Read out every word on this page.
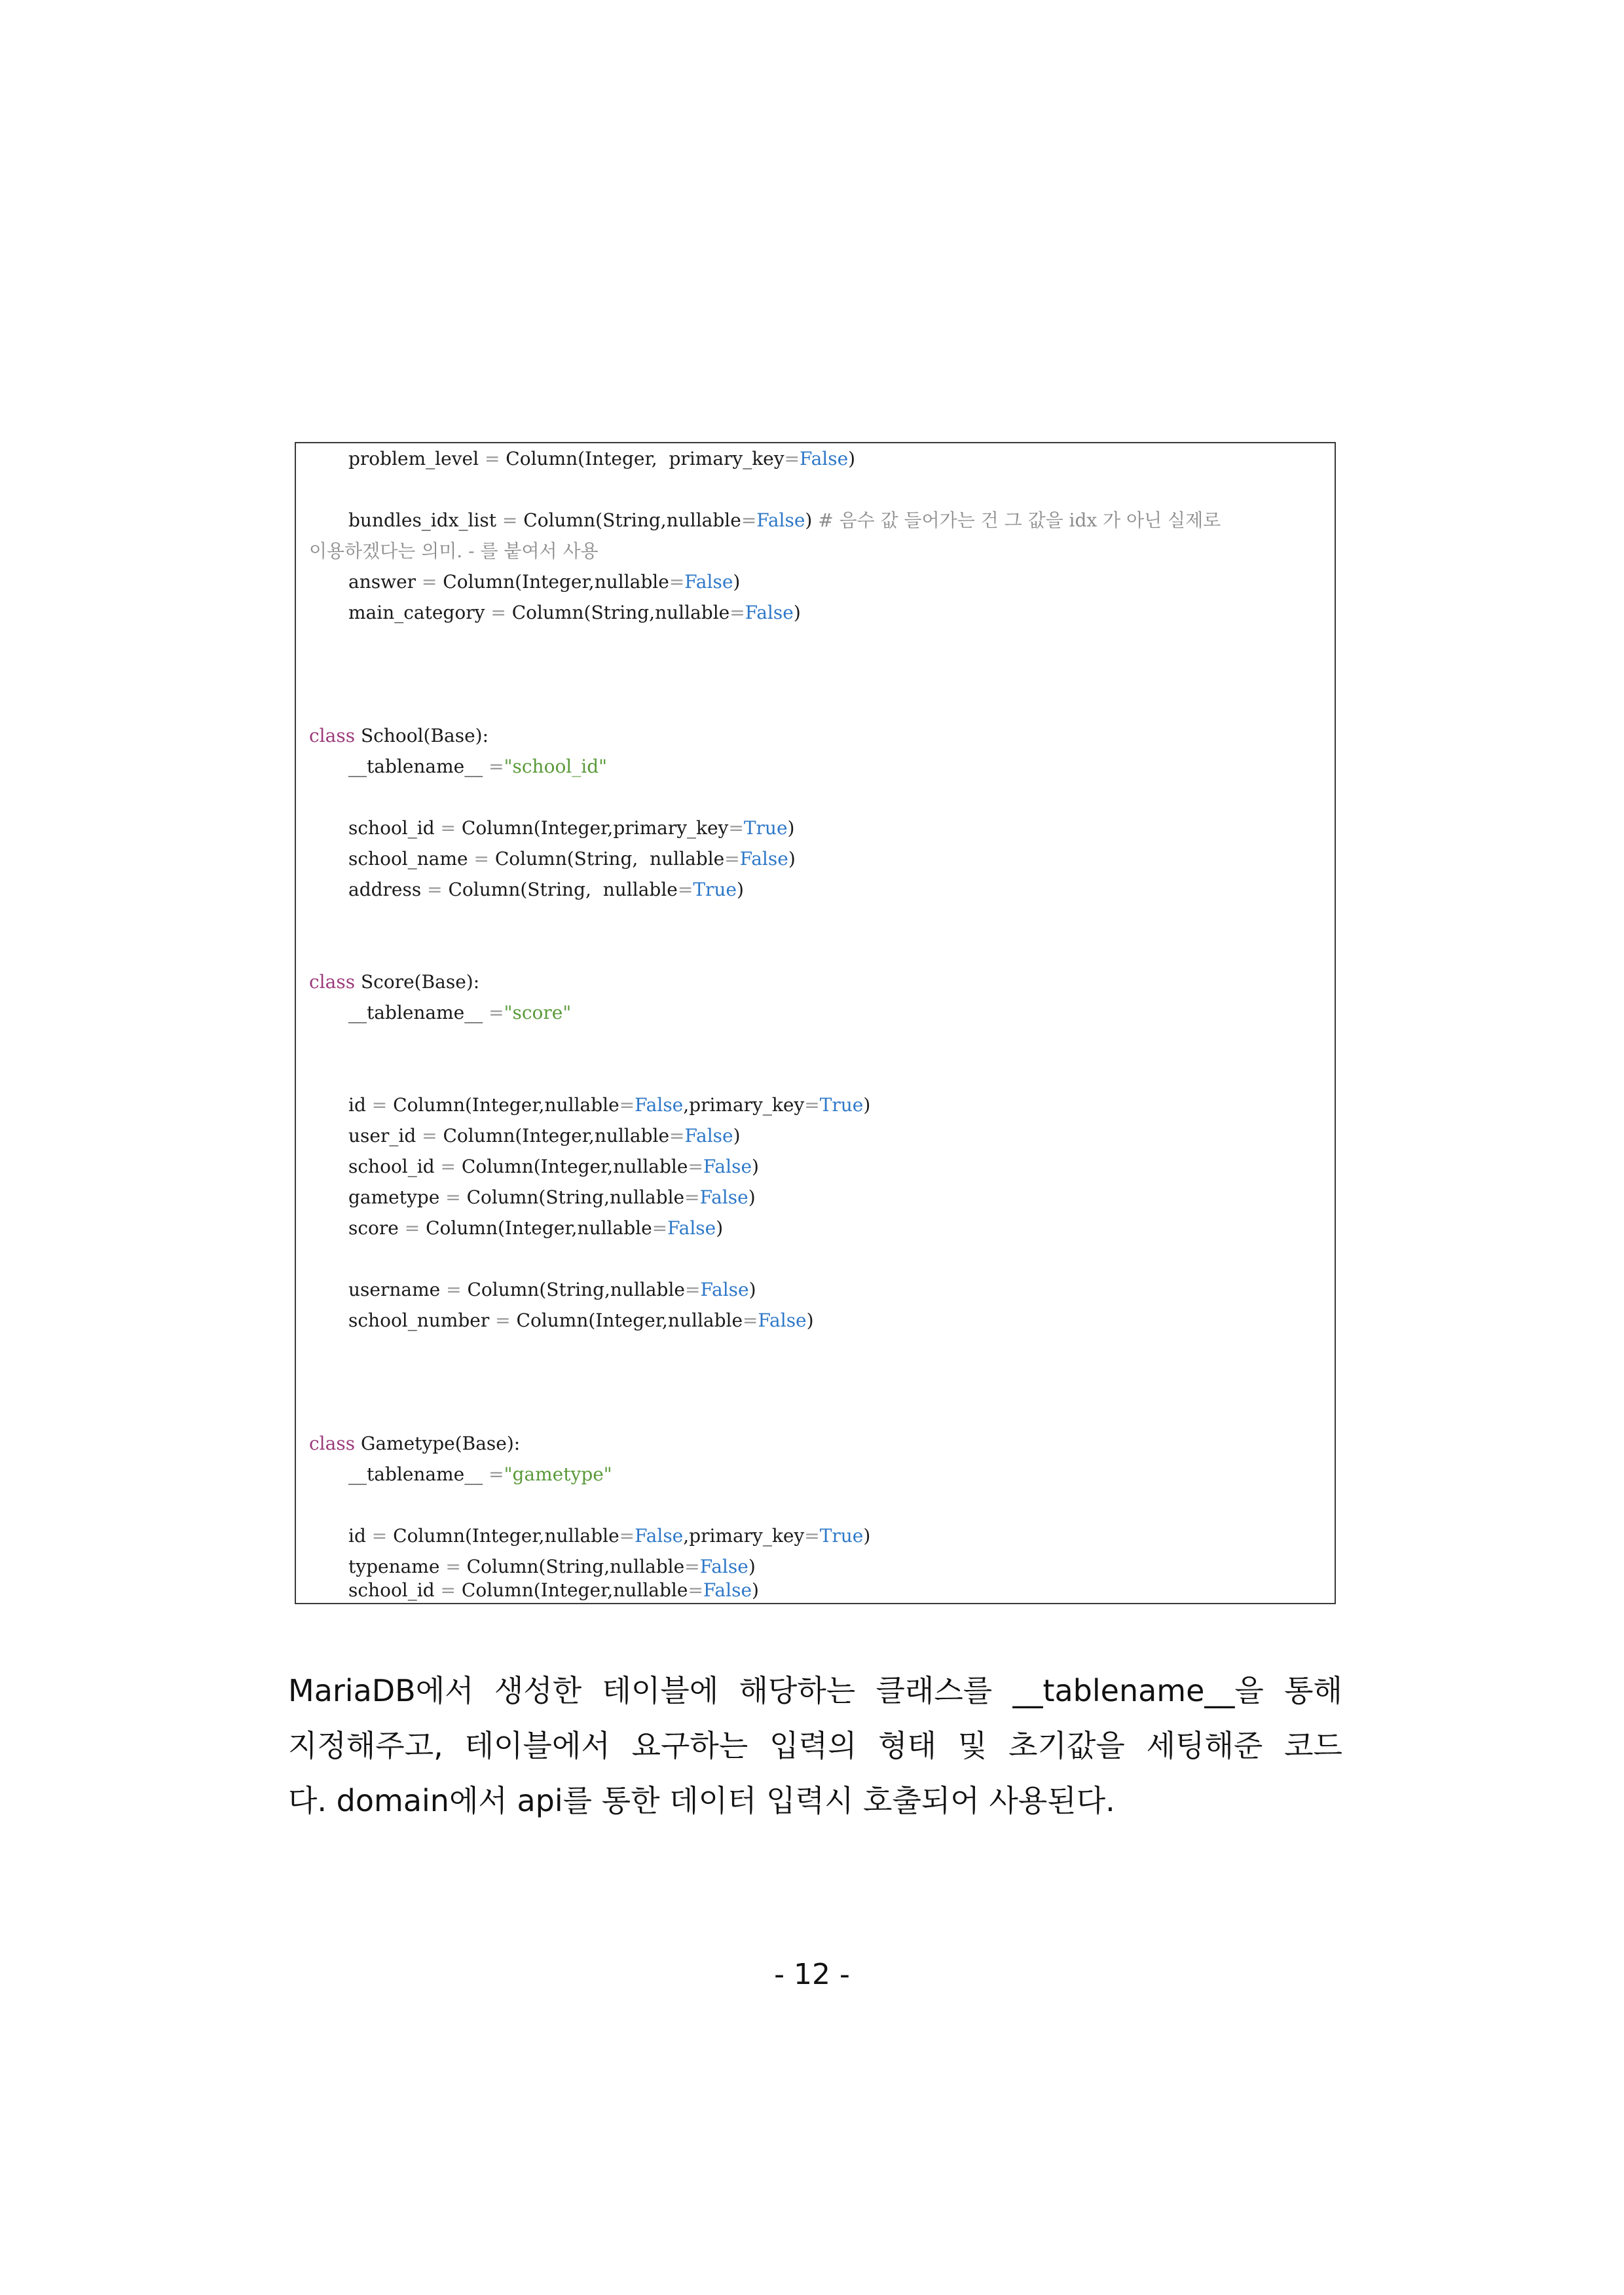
problem_level = Column(Integer,  primary_key=False)
bundles_idx_list = Column(String,nullable=False) # 음수 값 들어가는 건 그 값을 idx 가 아닌 실제로
이용하겠다는 의미. - 를 붙여서 사용
answer = Column(Integer,nullable=False)
main_category = Column(String,nullable=False)
class School(Base):
__tablename__ ="school_id"
school_id = Column(Integer,primary_key=True)
school_name = Column(String,  nullable=False)
address = Column(String,  nullable=True)
class Score(Base):
__tablename__ ="score"
id = Column(Integer,nullable=False,primary_key=True)
user_id = Column(Integer,nullable=False)
school_id = Column(Integer,nullable=False)
gametype = Column(String,nullable=False)
score = Column(Integer,nullable=False)
username = Column(String,nullable=False)
school_number = Column(Integer,nullable=False)
class Gametype(Base):
__tablename__ ="gametype"
id = Column(Integer,nullable=False,primary_key=True)
typename = Column(String,nullable=False)
school_id = Column(Integer,nullable=False)
MariaDB에서 생성한 테이블에 해당하는 클래스를 __tablename__을 통해
지정해주고, 테이블에서 요구하는 입력의 형태 및 초기값을 세팅해준 코드
다. domain에서 api를 통한 데이터 입력시 호출되어 사용된다.
- 12 -
